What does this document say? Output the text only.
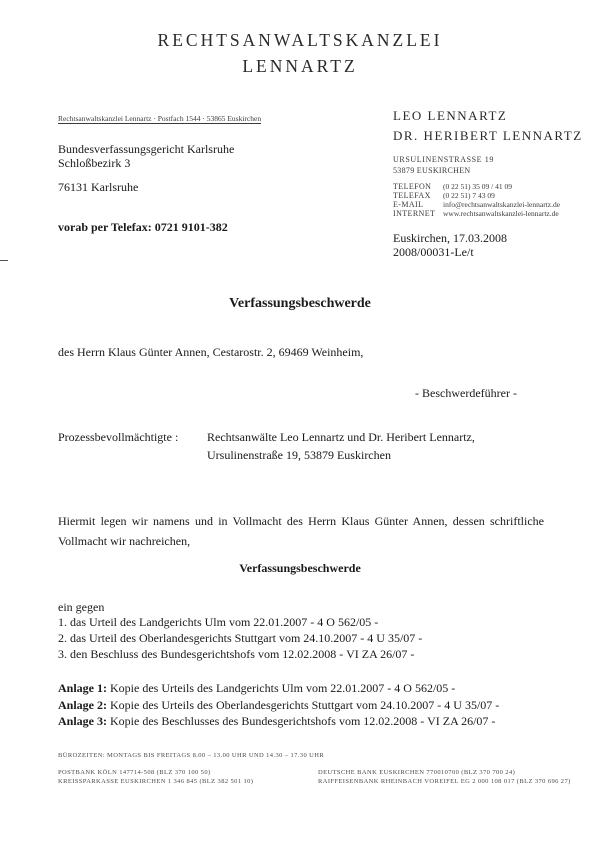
RECHTSANWALTSKANZLEI
LENNARTZ
Rechtsanwaltskanzlei Lennartz · Postfach 1544 · 53865 Euskirchen
Bundesverfassungsgericht Karlsruhe
Schloßbezirk 3
76131 Karlsruhe
vorab per Telefax: 0721 9101-382
LEO LENNARTZ
DR. HERIBERT LENNARTZ
URSULINENSTRASSE 19
53879 EUSKIRCHEN
TELEFON (0 22 51) 35 09 / 41 09
TELEFAX (0 22 51) 7 43 09
E-MAIL	info@rechtsanwaltskanzlei-lennartz.de
INTERNET www.rechtsanwaltskanzlei-lennartz.de
Euskirchen, 17.03.2008
2008/00031-Le/t
Verfassungsbeschwerde
des Herrn Klaus Günter Annen, Cestarostr. 2, 69469 Weinheim,
- Beschwerdeführer -
Prozessbevollmächtigte : Rechtsanwälte Leo Lennartz und Dr. Heribert Lennartz,
Ursulinenstraße 19, 53879 Euskirchen
Hiermit legen wir namens und in Vollmacht des Herrn Klaus Günter Annen, dessen schriftliche Vollmacht wir nachreichen,
Verfassungsbeschwerde
ein gegen
1. das Urteil des Landgerichts Ulm vom 22.01.2007 - 4 O 562/05 -
2. das Urteil des Oberlandesgerichts Stuttgart vom 24.10.2007 - 4 U 35/07 -
3. den Beschluss des Bundesgerichtshofs vom 12.02.2008 - VI ZA 26/07 -
Anlage 1: Kopie des Urteils des Landgerichts Ulm vom 22.01.2007 - 4 O 562/05 -
Anlage 2: Kopie des Urteils des Oberlandesgerichts Stuttgart vom 24.10.2007 - 4 U 35/07 -
Anlage 3: Kopie des Beschlusses des Bundesgerichtshofs vom 12.02.2008 - VI ZA 26/07 -
BÜROZEITEN: MONTAGS BIS FREITAGS 8.00 – 13.00 UHR UND 14.30 – 17.30 UHR
POSTBANK KÖLN 147714-508 (BLZ 370 100 50)
KREISSPARKASSE EUSKIRCHEN 1 346 845 (BLZ 382 501 10)
DEUTSCHE BANK EUSKIRCHEN 770010700 (BLZ 370 700 24)
RAIFFEISENBANK RHEINBACH VOREIFEL EG 2 000 108 017 (BLZ 370 696 27)
